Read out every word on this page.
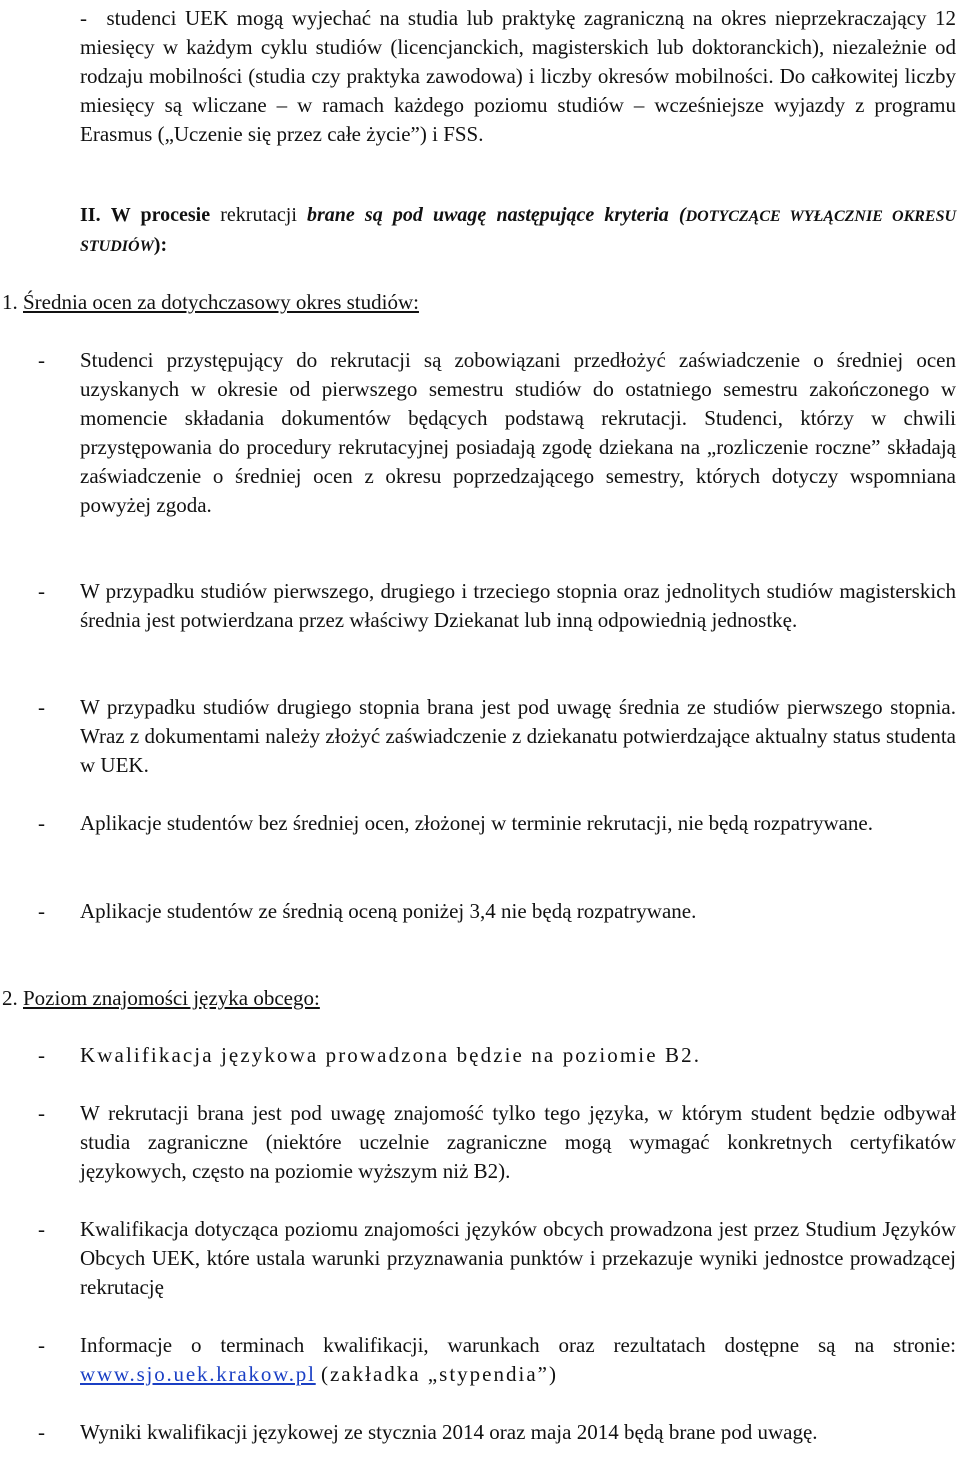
 studenci UEK mogą wyjechać na studia lub praktykę zagraniczną na okres nieprzekraczający 12 miesięcy w każdym cyklu studiów (licencjanckich, magisterskich lub doktoranckich), niezależnie od rodzaju mobilności (studia czy praktyka zawodowa) i liczby okresów mobilności. Do całkowitej liczby miesięcy są wliczane – w ramach każdego poziomu studiów – wcześniejsze wyjazdy z programu Erasmus („Uczenie się przez całe życie”) i FSS.

-

II. W procesie rekrutacji brane są pod uwagę następujące kryteria (DOTYCZĄCE WYŁĄCZNIE OKRESU STUDIÓW):

1. Średnia ocen za dotychczasowy okres studiów:

-	Studenci przystępujący do rekrutacji są zobowiązani przedłożyć zaświadczenie o średniej ocen uzyskanych w okresie od pierwszego semestru studiów do ostatniego semestru zakończonego w momencie składania dokumentów będących podstawą rekrutacji. Studenci, którzy w chwili przystępowania do procedury rekrutacyjnej posiadają zgodę dziekana na „rozliczenie roczne” składają zaświadczenie o średniej ocen z okresu poprzedzającego semestry, których dotyczy wspomniana powyżej zgoda.

-	W przypadku studiów pierwszego, drugiego i trzeciego stopnia oraz jednolitych studiów magisterskich średnia jest potwierdzana przez właściwy Dziekanat lub inną odpowiednią jednostkę.

-	W przypadku studiów drugiego stopnia brana jest pod uwagę średnia ze studiów pierwszego stopnia. Wraz z dokumentami należy złożyć zaświadczenie z dziekanatu potwierdzające aktualny status studenta w UEK.

-	Aplikacje studentów bez średniej ocen, złożonej w terminie rekrutacji, nie będą rozpatrywane.

-	Aplikacje studentów ze średnią oceną poniżej 3,4 nie będą rozpatrywane.

2. Poziom znajomości języka obcego:

-	Kwalifikacja językowa prowadzona będzie na poziomie B2.

-	W rekrutacji brana jest pod uwagę znajomość tylko tego języka, w którym student będzie odbywał studia zagraniczne (niektóre uczelnie zagraniczne mogą wymagać konkretnych certyfikatów językowych, często na poziomie wyższym niż B2).

-	Kwalifikacja dotycząca poziomu znajomości języków obcych prowadzona jest przez Studium Języków Obcych UEK, które ustala warunki przyznawania punktów i przekazuje wyniki jednostce prowadzącej rekrutację

-	Informacje o terminach kwalifikacji, warunkach oraz rezultatach dostępne są na stronie: www.sjo.uek.krakow.pl (zakładka „stypendia”)

-	Wyniki kwalifikacji językowej ze stycznia 2014 oraz maja 2014 będą brane pod uwagę.
